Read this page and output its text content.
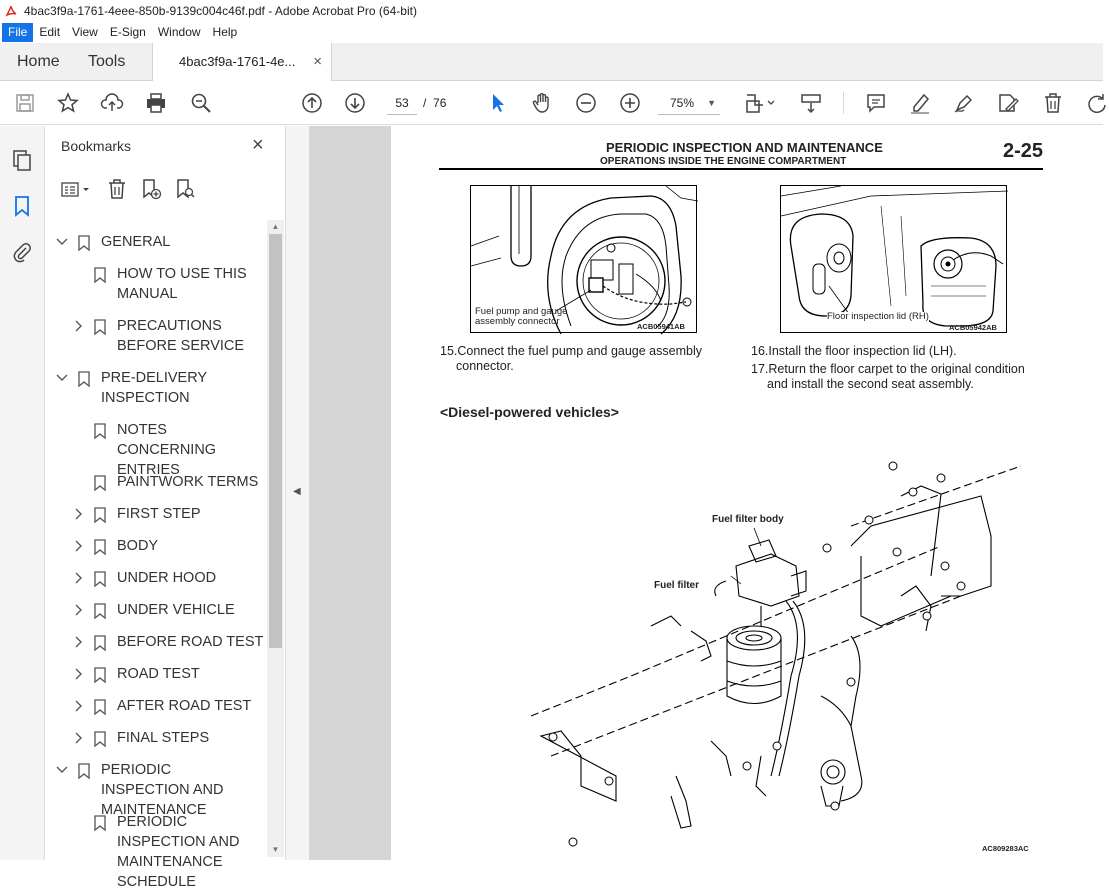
4bac3f9a-1761-4eee-850b-9139c004c46f.pdf - Adobe Acrobat Pro (64-bit)
File	Edit	View	E-Sign	Window	Help
Home Tools	4bac3f9a-1761-4e... ×
53	/ 76	75% ▼
Bookmarks	×
GENERAL
HOW TO USE THIS MANUAL
PRECAUTIONS BEFORE SERVICE
PRE-DELIVERY INSPECTION
NOTES CONCERNING ENTRIES
PAINTWORK TERMS
FIRST STEP
BODY
UNDER HOOD
UNDER VEHICLE
BEFORE ROAD TEST
ROAD TEST
AFTER ROAD TEST
FINAL STEPS
PERIODIC INSPECTION AND MAINTENANCE
PERIODIC INSPECTION AND MAINTENANCE SCHEDULE
▲
▼
◀
PERIODIC INSPECTION AND MAINTENANCE
OPERATIONS INSIDE THE ENGINE COMPARTMENT	2-25
Fuel pump and gauge
assembly connector	ACB05941AB
Floor inspection lid (RH)
ACB05942AB
15.Connect the fuel pump and gauge assembly
connector.
16.Install the floor inspection lid (LH).
17.Return the floor carpet to the original condition
and install the second seat assembly.
<Diesel-powered vehicles>
Fuel filter body
Fuel filter
AC809283AC
